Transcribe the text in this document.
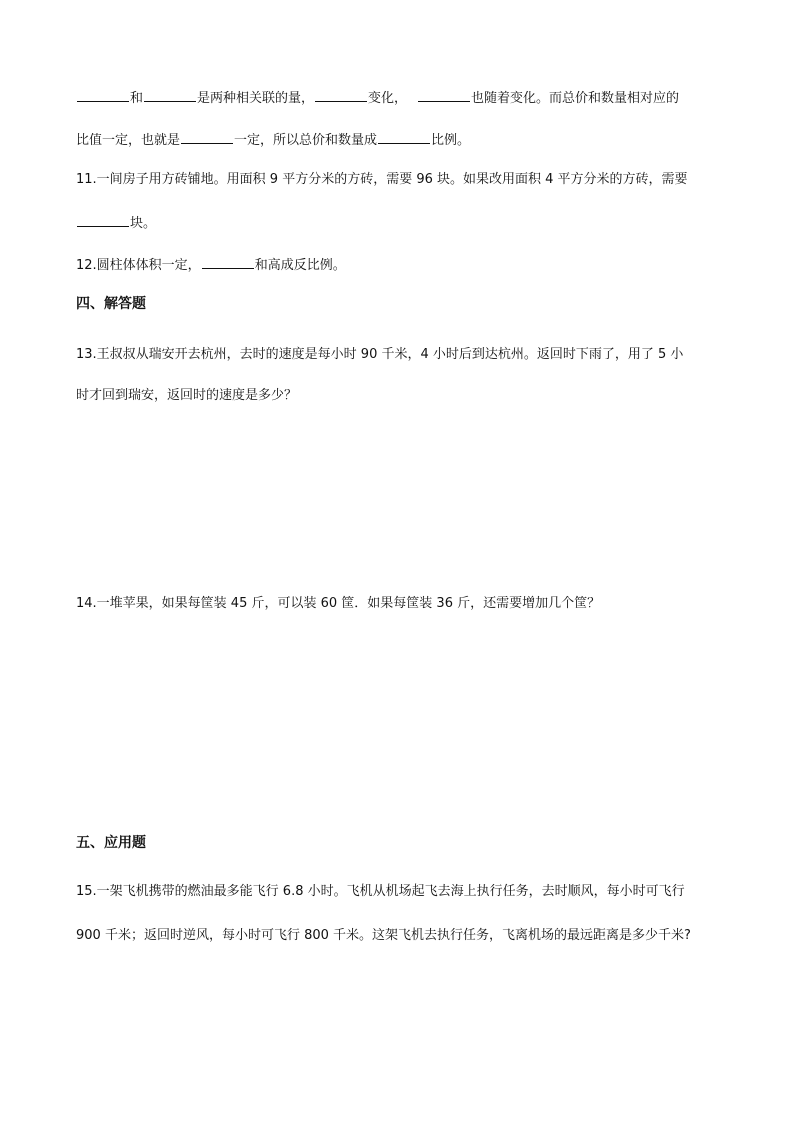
和	是两种相关联的量，	变化，	也随着变化。而总价和数量相对应的
比值一定，也就是	一定，所以总价和数量成	比例。
11.一间房子用方砖铺地。用面积 9 平方分米的方砖，需要 96 块。如果改用面积 4 平方分米的方砖，需要
块。
12.圆柱体体积一定，	和高成反比例。
四、解答题
13.王叔叔从瑞安开去杭州，去时的速度是每小时 90 千米，4 小时后到达杭州。返回时下雨了，用了 5 小
时才回到瑞安，返回时的速度是多少？
14.一堆苹果，如果每筐装 45 斤，可以装 60 筐．如果每筐装 36 斤，还需要增加几个筐？
五、应用题
15.一架飞机携带的燃油最多能飞行 6.8 小时。飞机从机场起飞去海上执行任务，去时顺风，每小时可飞行
900 千米；返回时逆风，每小时可飞行 800 千米。这架飞机去执行任务，飞离机场的最远距离是多少千米?
